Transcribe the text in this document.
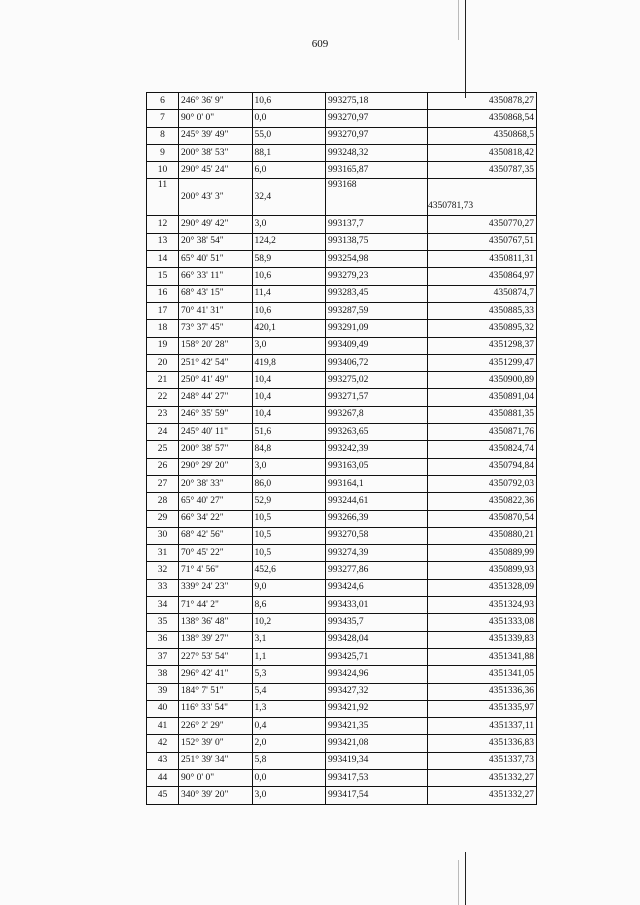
609
6	246° 36' 9"	10,6	993275,18	4350878,27
7	90° 0' 0"	0,0	993270,97	4350868,54
8	245° 39' 49"	55,0	993270,97	4350868,5
9	200° 38' 53"	88,1	993248,32	4350818,42
10	290° 45' 24"	6,0	993165,87	4350787,35
11	200° 43' 3"	32,4	993168	4350781,73
12	290° 49' 42"	3,0	993137,7	4350770,27
13	20° 38' 54"	124,2	993138,75	4350767,51
14	65° 40' 51"	58,9	993254,98	4350811,31
15	66° 33' 11"	10,6	993279,23	4350864,97
16	68° 43' 15"	11,4	993283,45	4350874,7
17	70° 41' 31"	10,6	993287,59	4350885,33
18	73° 37' 45"	420,1	993291,09	4350895,32
19	158° 20' 28"	3,0	993409,49	4351298,37
20	251° 42' 54"	419,8	993406,72	4351299,47
21	250° 41' 49"	10,4	993275,02	4350900,89
22	248° 44' 27"	10,4	993271,57	4350891,04
23	246° 35' 59"	10,4	993267,8	4350881,35
24	245° 40' 11"	51,6	993263,65	4350871,76
25	200° 38' 57"	84,8	993242,39	4350824,74
26	290° 29' 20"	3,0	993163,05	4350794,84
27	20° 38' 33"	86,0	993164,1	4350792,03
28	65° 40' 27"	52,9	993244,61	4350822,36
29	66° 34' 22"	10,5	993266,39	4350870,54
30	68° 42' 56"	10,5	993270,58	4350880,21
31	70° 45' 22"	10,5	993274,39	4350889,99
32	71° 4' 56"	452,6	993277,86	4350899,93
33	339° 24' 23"	9,0	993424,6	4351328,09
34	71° 44' 2"	8,6	993433,01	4351324,93
35	138° 36' 48"	10,2	993435,7	4351333,08
36	138° 39' 27"	3,1	993428,04	4351339,83
37	227° 53' 54"	1,1	993425,71	4351341,88
38	296° 42' 41"	5,3	993424,96	4351341,05
39	184° 7' 51"	5,4	993427,32	4351336,36
40	116° 33' 54"	1,3	993421,92	4351335,97
41	226° 2' 29"	0,4	993421,35	4351337,11
42	152° 39' 0"	2,0	993421,08	4351336,83
43	251° 39' 34"	5,8	993419,34	4351337,73
44	90° 0' 0"	0,0	993417,53	4351332,27
45	340° 39' 20"	3,0	993417,54	4351332,27
